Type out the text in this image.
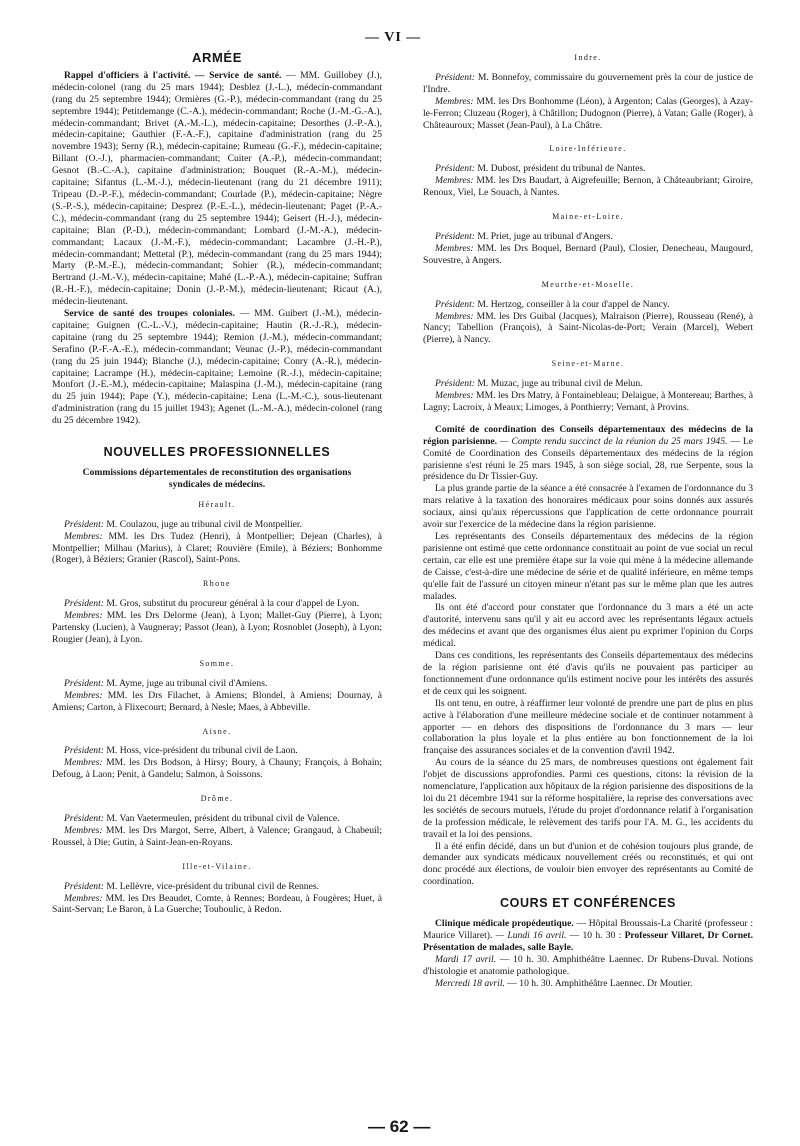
— VI —
ARMÉE

Rappel d'officiers à l'activité. — Service de santé. — MM. Guillobey (J.), médecin-colonel (rang du 25 mars 1944); Desblez (J.-L.), médecin-commandant (rang du 25 septembre 1944); Ormières (G.-P.), médecin-commandant (rang du 25 septembre 1944); Petitdemange (C.-A.), médecin-commandant; Roche (J.-M.-G.-A.), médecin-commandant; Brivet (A.-M.-L.), médecin-capitaine; Desorthes (J.-P.-A.), médecin-capitaine; Gauthier (F.-A.-F.), capitaine d'administration (rang du 25 novembre 1943); Serny (R.), médecin-capitaine; Rumeau (G.-F.), médecin-capitaine; Billant (O.-J.), pharmacien-commandant; Cuiter (A.-P.), médecin-commandant; Gesnot (B.-C.-A.), capitaine d'administration; Bouquet (R.-A.-M.), médecin-capitaine; Sifantus (L.-M.-J.), médecin-lieutenant (rang du 21 décembre 1911); Tripeau (D.-P.-F.), médecin-commandant; Courlade (P.), médecin-capitaine; Nègre (S.-P.-S.), médecin-capitaine; Desprez (P.-E.-L.), médecin-lieutenant; Paget (P.-A.-C.), médecin-commandant (rang du 25 septembre 1944); Geisert (H.-J.), médecin-capitaine; Blan (P.-D.), médecin-commandant; Lombard (J.-M.-A.), médecin-commandant; Lacaux (J.-M.-F.), médecin-commandant; Lacambre (J.-H.-P.), médecin-commandant; Mettetal (P.), médecin-commandant (rang du 25 mars 1944); Marty (P.-M.-E.), médecin-commandant; Sohier (R.), médecin-commandant; Bertrand (J.-M.-V.), médecin-capitaine; Mahé (L.-P.-A.), médecin-capitaine; Suffran (R.-H.-F.), médecin-capitaine; Donin (J.-P.-M.), médecin-lieutenant; Ricaut (A.), médecin-lieutenant.

Service de santé des troupes coloniales. — MM. Guibert (J.-M.), médecin-capitaine; Guignen (C.-L.-V.), médecin-capitaine; Hautin (R.-J.-R.), médecin-capitaine (rang du 25 septembre 1944); Remion (J.-M.), médecin-commandant; Serafino (P.-F.-A.-E.), médecin-commandant; Veunac (J.-P.), médecin-commandant (rang du 25 juin 1944); Blanche (J.), médecin-capitaine; Conry (A.-R.), médecin-capitaine; Lacrampe (H.), médecin-capitaine; Lemoine (R.-J.), médecin-capitaine; Monfort (J.-E.-M.), médecin-capitaine; Malaspina (J.-M.), médecin-capitaine (rang du 25 juin 1944); Pape (Y.), médecin-capitaine; Lena (L.-M.-C.), sous-lieutenant d'administration (rang du 15 juillet 1943); Agenet (L.-M.-A.), médecin-colonel (rang du 25 décembre 1942).

NOUVELLES PROFESSIONNELLES
Commissions départementales de reconstitution des organisations
syndicales de médecins.
Hérault.

Président: M. Coulazou, juge au tribunal civil de Montpellier.

Membres: MM. les Drs Tudez (Henri), à Montpellier; Dejean (Charles), à Montpellier; Milhau (Marius), à Claret; Rouvière (Emile), à Béziers; Bonhomme (Roger), à Béziers; Granier (Rascol), Saint-Pons.

Rhone

Président: M. Gros, substitut du procureur général à la cour d'appel de Lyon.

Membres: MM. les Drs Delorme (Jean), à Lyon; Mallet-Guy (Pierre), à Lyon; Partensky (Lucien), à Vaugneray; Passot (Jean), à Lyon; Rosnoblet (Joseph), à Lyon; Rougier (Jean), à Lyon.

Somme.

Président: M. Ayme, juge au tribunal civil d'Amiens.

Membres: MM. les Drs Filachet, à Amiens; Blondel, à Amiens; Dournay, à Amiens; Carton, à Flixecourt; Bernard, à Nesle; Maes, à Abbeville.

Aisne.

Président: M. Hoss, vice-président du tribunal civil de Laon.

Membres: MM. les Drs Bodson, à Hirsy; Boury, à Chauny; François, à Bohain; Defoug, à Laon; Penit, à Gandelu; Salmon, à Soissons.

Drôme.

Président: M. Van Vaetermeulen, président du tribunal civil de Valence.

Membres: MM. les Drs Margot, Serre, Albert, à Valence; Grangaud, à Chabeuil; Roussel, à Die; Gutin, à Saint-Jean-en-Royans.

Ille-et-Vilaine.

Président: M. Lellèvre, vice-président du tribunal civil de Rennes.

Membres: MM. les Drs Beaudet, Comte, à Rennes; Bordeau, à Fougères; Huet, à Saint-Servan; Le Baron, à La Guerche; Touboulic, à Redon.

Indre.

Président: M. Bonnefoy, commissaire du gouvernement près la cour de justice de l'Indre.

Membres: MM. les Drs Bonhomme (Léon), à Argenton; Calas (Georges), à Azay-le-Ferron; Cluzeau (Roger), à Châtillon; Dudognon (Pierre), à Vatan; Galle (Roger), à Châteauroux; Masset (Jean-Paul), à La Châtre.

Loire-Inférieure.

Président: M. Dubost, président du tribunal de Nantes.

Membres: MM. les Drs Baudart, à Aigrefeuille; Bernon, à Châteaubriant; Giroire, Renoux, Viel, Le Souach, à Nantes.

Maine-et-Loire.

Président: M. Priet, juge au tribunal d'Angers.

Membres: MM. les Drs Boquel, Bernard (Paul), Closier, Denecheau, Maugourd, Souvestre, à Angers.

Meurthe-et-Moselle.

Président: M. Hertzog, conseiller à la cour d'appel de Nancy.

Membres: MM. les Drs Guibal (Jacques), Malraison (Pierre), Rousseau (René), à Nancy; Tabellion (François), à Saint-Nicolas-de-Port; Verain (Marcel), Webert (Pierre), à Nancy.

Seine-et-Marne.

Président: M. Muzac, juge au tribunal civil de Melun.

Membres: MM. les Drs Matry, à Fontainebleau; Delaigue, à Montereau; Barthes, à Lagny; Lacroix, à Meaux; Limoges, à Ponthierry; Vernant, à Provins.

Comité de coordination des Conseils départementaux des médecins de la région parisienne. — Compte rendu succinct de la réunion du 25 mars 1945. — Le Comité de Coordination des Conseils départementaux des médecins de la région parisienne s'est réuni le 25 mars 1945, à son siège social, 28, rue Serpente, sous la présidence du Dr Tissier-Guy.

La plus grande partie de la séance a été consacrée à l'examen de l'ordonnance du 3 mars relative à la taxation des honoraires médicaux pour soins donnés aux assurés sociaux, ainsi qu'aux répercussions que l'application de cette ordonnance pourrait avoir sur l'exercice de la médecine dans la région parisienne.

Les représentants des Conseils départementaux des médecins de la région parisienne ont estimé que cette ordonnance constituait au point de vue social un recul certain, car elle est une première étape sur la voie qui mène à la médecine allemande de Caisse, c'est-à-dire une médecine de série et de qualité inférieure, en même temps qu'elle fait de l'assuré un citoyen mineur n'étant pas sur le même plan que les autres malades.

Ils ont été d'accord pour constater que l'ordonnance du 3 mars a été un acte d'autorité, intervenu sans qu'il y ait eu accord avec les représentants légaux actuels des médecins et avant que des organismes élus aient pu exprimer l'opinion du Corps médical.

Dans ces conditions, les représentants des Conseils départementaux des médecins de la région parisienne ont été d'avis qu'ils ne pouvaient pas participer au fonctionnement d'une ordonnance qu'ils estiment nocive pour les intérêts des assurés et de ceux qui les soignent.

Ils ont tenu, en outre, à réaffirmer leur volonté de prendre une part de plus en plus active à l'élaboration d'une meilleure médecine sociale et de continuer notamment à apporter — en dehors des dispositions de l'ordonnance du 3 mars — leur collaboration la plus loyale et la plus entière au bon fonctionnement de la loi française des assurances sociales et de la convention d'avril 1942.

Au cours de la séance du 25 mars, de nombreuses questions ont également fait l'objet de discussions approfondies. Parmi ces questions, citons: la révision de la nomenclature, l'application aux hôpitaux de la région parisienne des dispositions de la loi du 21 décembre 1941 sur la réforme hospitalière, la reprise des conversations avec les sociétés de secours mutuels, l'étude du projet d'ordonnance relatif à l'organisation de la profession médicale, le relèvement des tarifs pour l'A. M. G., les accidents du travail et la loi des pensions.

Il a été enfin décidé, dans un but d'union et de cohésion toujours plus grande, de demander aux syndicats médicaux nouvellement créés ou reconstitués, et qui ont donc procédé aux élections, de vouloir bien envoyer des représentants au Comité de coordination.

COURS ET CONFÉRENCES

Clinique médicale propédeutique. — Hôpital Broussais-La Charité (professeur : Maurice Villaret). — Lundi 16 avril. — 10 h. 30 : Professeur Villaret, Dr Cornet. Présentation de malades, salle Bayle.

Mardi 17 avril. — 10 h. 30. Amphithéâtre Laennec. Dr Rubens-Duval. Notions d'histologie et anatomie pathologique.

Mercredi 18 avril. — 10 h. 30. Amphithéâtre Laennec. Dr Moutier.

— 62 —
